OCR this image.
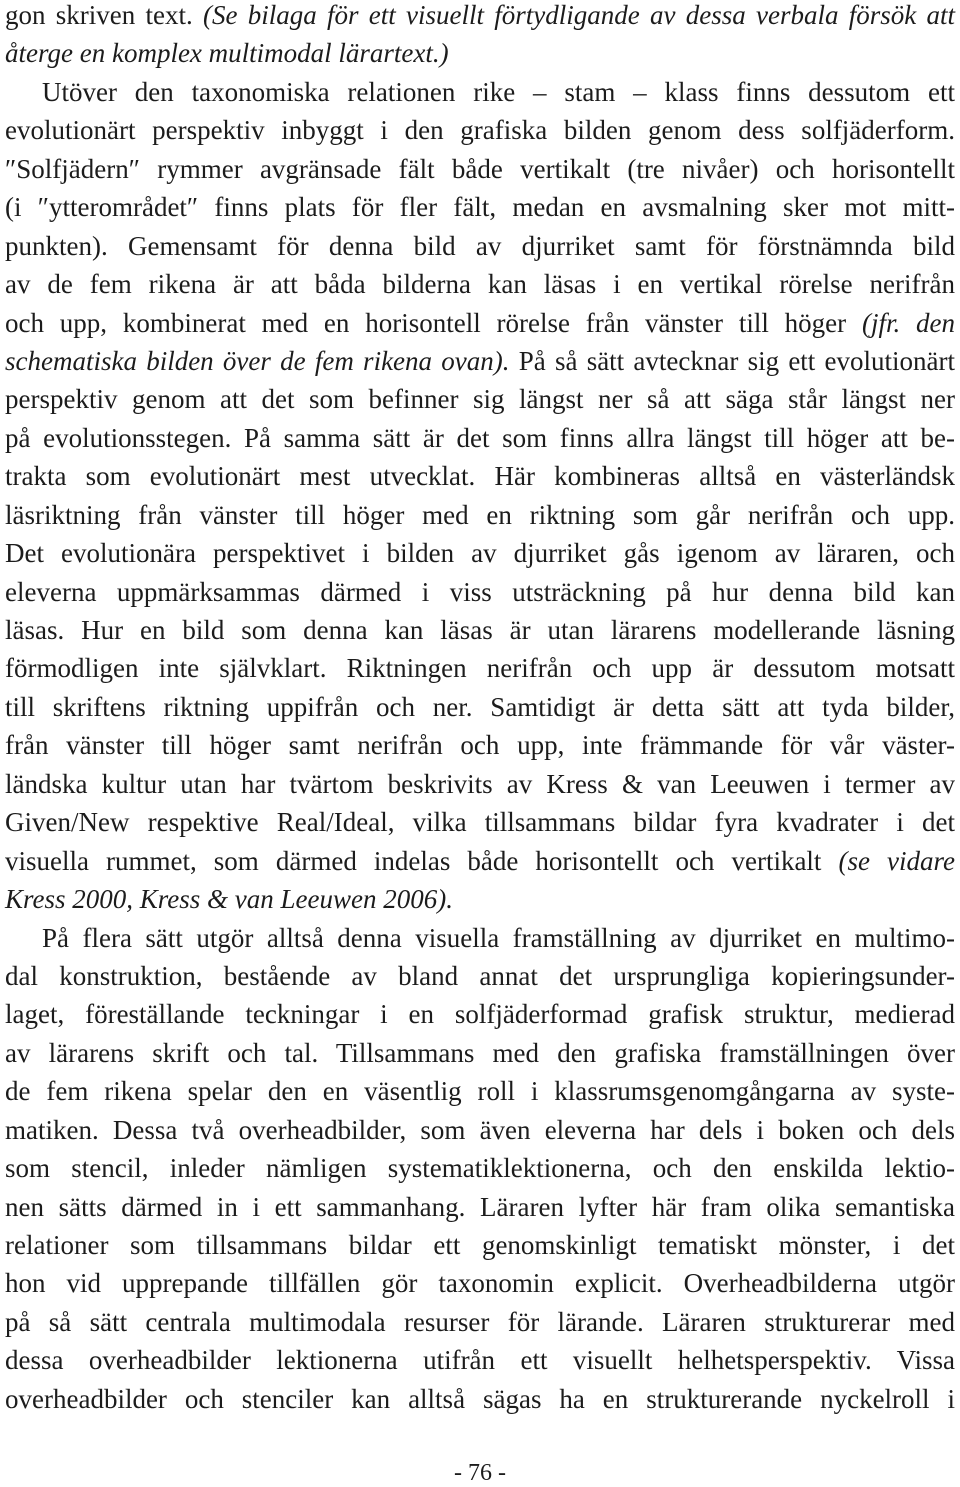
gon skriven text. (Se bilaga för ett visuellt förtydligande av dessa verbala försök att
återge en komplex multimodal lärartext.)
Utöver den taxonomiska relationen rike – stam – klass finns dessutom ett
evolutionärt perspektiv inbyggt i den grafiska bilden genom dess solfjäderform.
″Solfjädern″ rymmer avgränsade fält både vertikalt (tre nivåer) och horisontellt
(i ″ytterområdet″ finns plats för fler fält, medan en avsmalning sker mot mitt-
punkten). Gemensamt för denna bild av djurriket samt för förstnämnda bild
av de fem rikena är att båda bilderna kan läsas i en vertikal rörelse nerifrån
och upp, kombinerat med en horisontell rörelse från vänster till höger (jfr. den
schematiska bilden över de fem rikena ovan). På så sätt avtecknar sig ett evolutionärt
perspektiv genom att det som befinner sig längst ner så att säga står längst ner
på evolutionsstegen. På samma sätt är det som finns allra längst till höger att be-
trakta som evolutionärt mest utvecklat. Här kombineras alltså en västerländsk
läsriktning från vänster till höger med en riktning som går nerifrån och upp.
Det evolutionära perspektivet i bilden av djurriket gås igenom av läraren, och
eleverna uppmärksammas därmed i viss utsträckning på hur denna bild kan
läsas. Hur en bild som denna kan läsas är utan lärarens modellerande läsning
förmodligen inte självklart. Riktningen nerifrån och upp är dessutom motsatt
till skriftens riktning uppifrån och ner. Samtidigt är detta sätt att tyda bilder,
från vänster till höger samt nerifrån och upp, inte främmande för vår väster-
ländska kultur utan har tvärtom beskrivits av Kress & van Leeuwen i termer av
Given/New respektive Real/Ideal, vilka tillsammans bildar fyra kvadrater i det
visuella rummet, som därmed indelas både horisontellt och vertikalt (se vidare
Kress 2000, Kress & van Leeuwen 2006).
På flera sätt utgör alltså denna visuella framställning av djurriket en multimo-
dal konstruktion, bestående av bland annat det ursprungliga kopieringsunder-
laget, föreställande teckningar i en solfjäderformad grafisk struktur, medierad
av lärarens skrift och tal. Tillsammans med den grafiska framställningen över
de fem rikena spelar den en väsentlig roll i klassrumsgenomgångarna av syste-
matiken. Dessa två overheadbilder, som även eleverna har dels i boken och dels
som stencil, inleder nämligen systematiklektionerna, och den enskilda lektio-
nen sätts därmed in i ett sammanhang. Läraren lyfter här fram olika semantiska
relationer som tillsammans bildar ett genomskinligt tematiskt mönster, i det
hon vid upprepande tillfällen gör taxonomin explicit. Overheadbilderna utgör
på så sätt centrala multimodala resurser för lärande. Läraren strukturerar med
dessa overheadbilder lektionerna utifrån ett visuellt helhetsperspektiv. Vissa
overheadbilder och stenciler kan alltså sägas ha en strukturerande nyckelroll i
- 76 -
